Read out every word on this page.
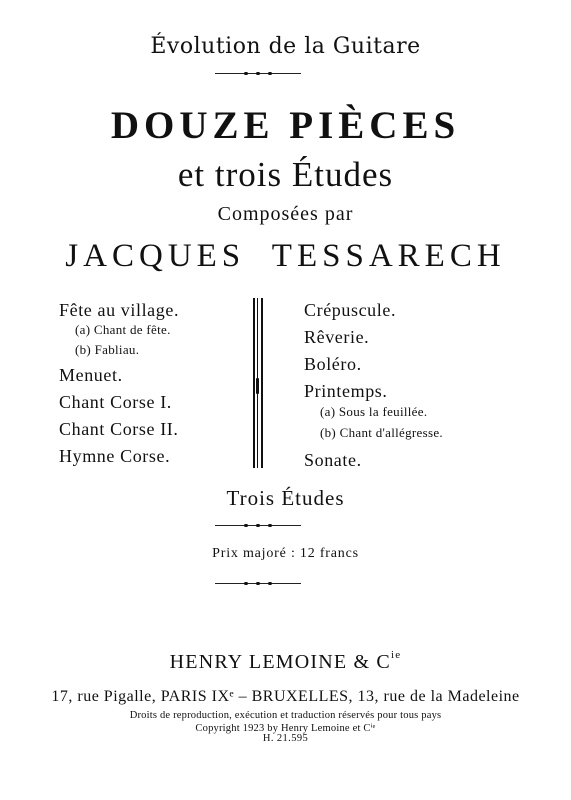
Évolution de la Guitare
DOUZE PIÈCES
et trois Études
Composées par
JACQUES TESSARECH
Fête au village.
(a) Chant de fête.
(b) Fabliau.
Menuet.
Chant Corse I.
Chant Corse II.
Hymne Corse.
Crépuscule.
Rêverie.
Boléro.
Printemps.
(a) Sous la feuillée.
(b) Chant d'allégresse.
Sonate.
Trois Études
Prix majoré : 12 francs
HENRY LEMOINE & $C^{ie}$
17, rue Pigalle, PARIS IXᵉ – BRUXELLES, 13, rue de la Madeleine
Droits de reproduction, exécution et traduction réservés pour tous pays
Copyright 1923 by Henry Lemoine et Cⁱᵉ
H. 21.595
